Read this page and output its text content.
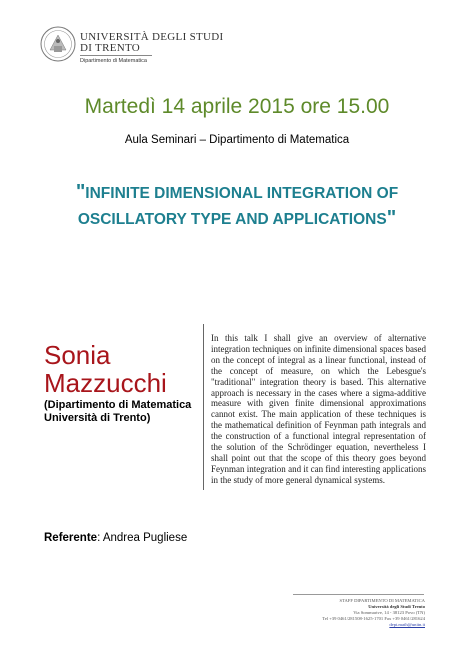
UNIVERSITÀ DEGLI STUDI
DI TRENTO
Dipartimento di Matematica
Martedì 14 aprile 2015 ore 15.00
Aula Seminari – Dipartimento di Matematica
"INFINITE DIMENSIONAL INTEGRATION OF
OSCILLATORY TYPE AND APPLICATIONS"
Sonia
Mazzucchi
(Dipartimento di Matematica
Università di Trento)
In this talk I shall give an overview of alternative integration techniques on infinite dimensional spaces based on the concept of integral as a linear functional, instead of the concept of measure, on which the Lebesgue's "traditional" integration theory is based. This alternative approach is necessary in the cases where a sigma-additive measure with given finite dimensional approximations cannot exist. The main application of these techniques is the mathematical definition of Feynman path integrals and the construction of a functional integral representation of the solution of the Schrödinger equation, nevertheless I shall point out that the scope of this theory goes beyond Feynman integration and it can find interesting applications in the study of more general dynamical systems.
Referente: Andrea Pugliese
STAFF DIPARTIMENTO DI MATEMATICA
Università degli Studi Trento
Via Sommarive, 14 - 38123 Povo (TN)
Tel +39 0461/281508-1625-1701 Fax +39 0461/281624
dept.math@unitn.it
